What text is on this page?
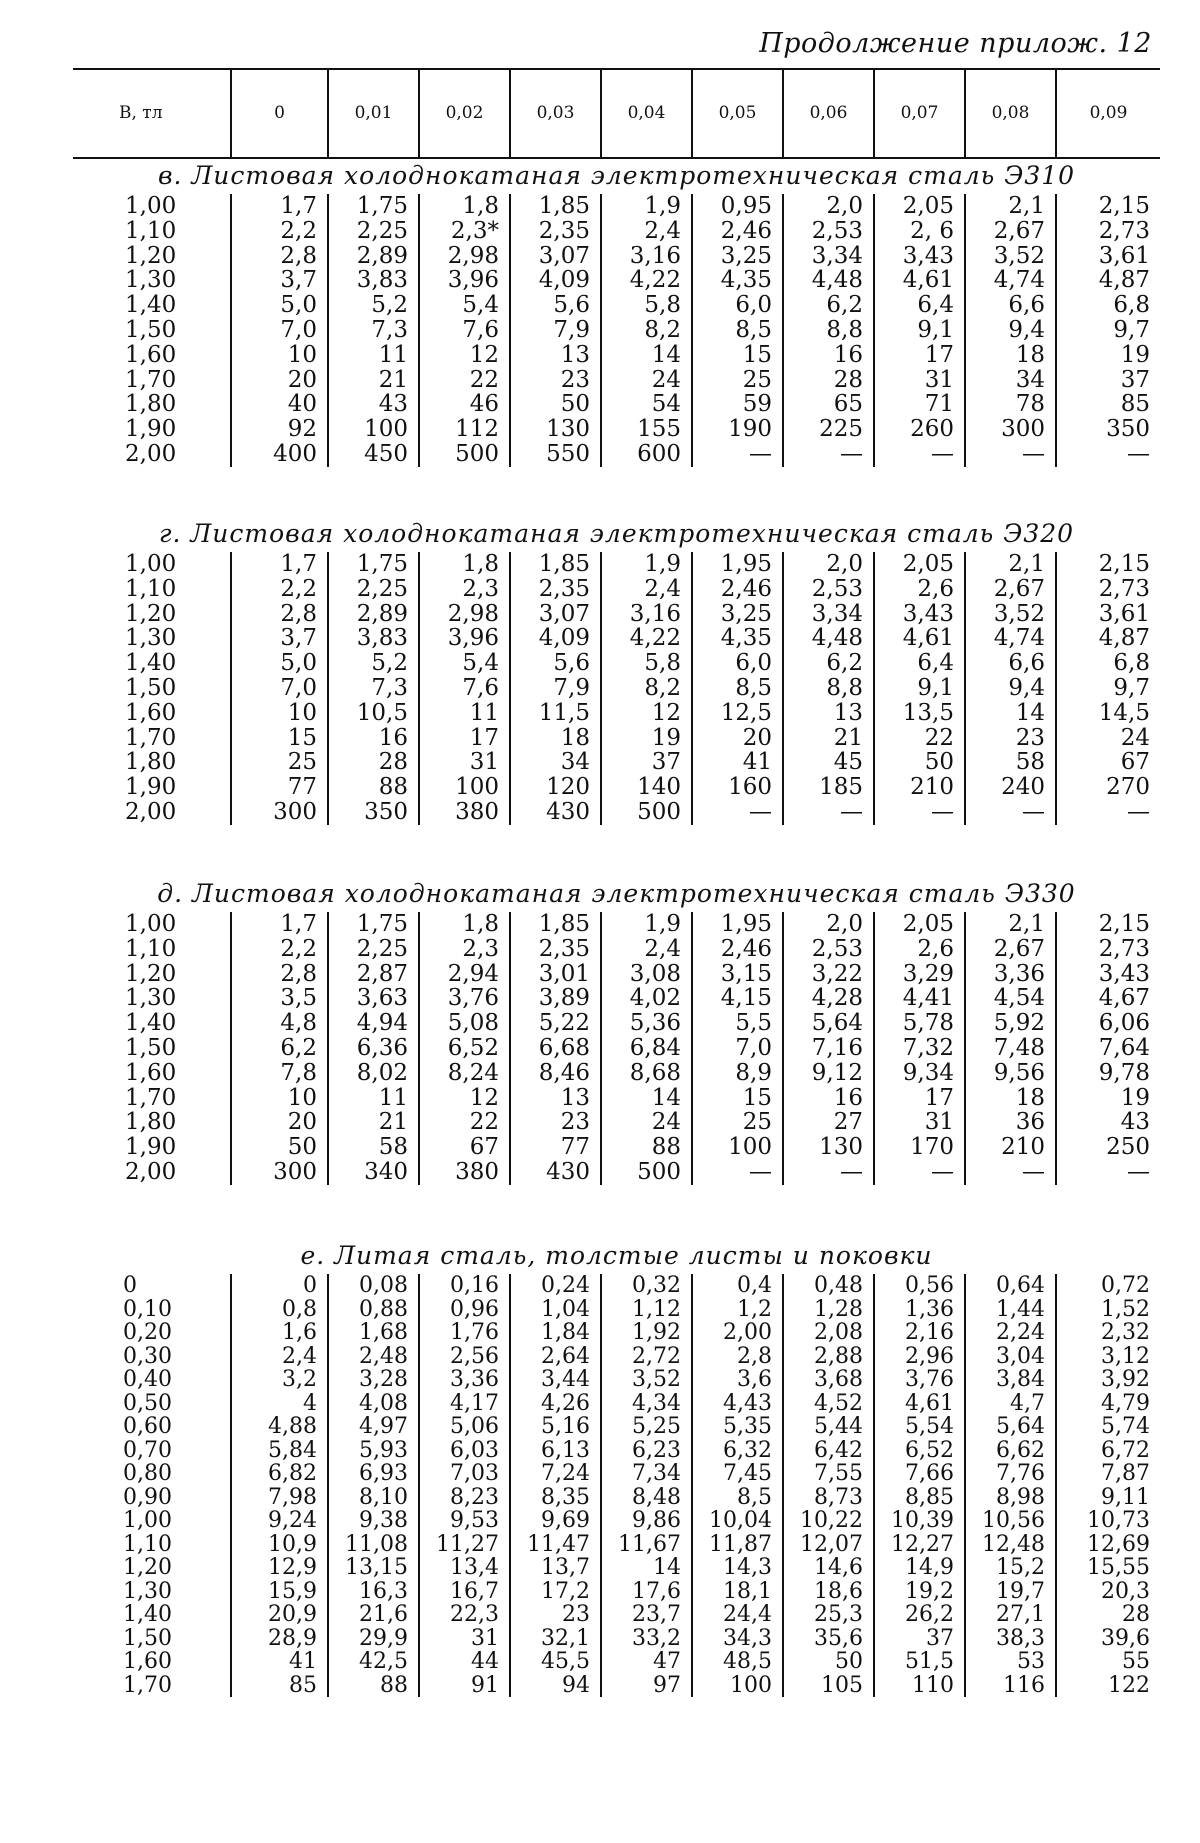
Продолжение прилож. 12
B, тл	0	0,01	0,02	0,03	0,04	0,05	0,06	0,07	0,08	0,09
в. Листовая холоднокатаная электротехническая сталь Э310
1,00	1,7	1,75	1,8	1,85	1,9	0,95	2,0	2,05	2,1	2,15
1,10	2,2	2,25	2,3*	2,35	2,4	2,46	2,53	2, 6	2,67	2,73
1,20	2,8	2,89	2,98	3,07	3,16	3,25	3,34	3,43	3,52	3,61
1,30	3,7	3,83	3,96	4,09	4,22	4,35	4,48	4,61	4,74	4,87
1,40	5,0	5,2	5,4	5,6	5,8	6,0	6,2	6,4	6,6	6,8
1,50	7,0	7,3	7,6	7,9	8,2	8,5	8,8	9,1	9,4	9,7
1,60	10	11	12	13	14	15	16	17	18	19
1,70	20	21	22	23	24	25	28	31	34	37
1,80	40	43	46	50	54	59	65	71	78	85
1,90	92	100	112	130	155	190	225	260	300	350
2,00	400	450	500	550	600	—	—	—	—	—
г. Листовая холоднокатаная электротехническая сталь Э320
1,00	1,7	1,75	1,8	1,85	1,9	1,95	2,0	2,05	2,1	2,15
1,10	2,2	2,25	2,3	2,35	2,4	2,46	2,53	2,6	2,67	2,73
1,20	2,8	2,89	2,98	3,07	3,16	3,25	3,34	3,43	3,52	3,61
1,30	3,7	3,83	3,96	4,09	4,22	4,35	4,48	4,61	4,74	4,87
1,40	5,0	5,2	5,4	5,6	5,8	6,0	6,2	6,4	6,6	6,8
1,50	7,0	7,3	7,6	7,9	8,2	8,5	8,8	9,1	9,4	9,7
1,60	10	10,5	11	11,5	12	12,5	13	13,5	14	14,5
1,70	15	16	17	18	19	20	21	22	23	24
1,80	25	28	31	34	37	41	45	50	58	67
1,90	77	88	100	120	140	160	185	210	240	270
2,00	300	350	380	430	500	—	—	—	—	—
д. Листовая холоднокатаная электротехническая сталь Э330
1,00	1,7	1,75	1,8	1,85	1,9	1,95	2,0	2,05	2,1	2,15
1,10	2,2	2,25	2,3	2,35	2,4	2,46	2,53	2,6	2,67	2,73
1,20	2,8	2,87	2,94	3,01	3,08	3,15	3,22	3,29	3,36	3,43
1,30	3,5	3,63	3,76	3,89	4,02	4,15	4,28	4,41	4,54	4,67
1,40	4,8	4,94	5,08	5,22	5,36	5,5	5,64	5,78	5,92	6,06
1,50	6,2	6,36	6,52	6,68	6,84	7,0	7,16	7,32	7,48	7,64
1,60	7,8	8,02	8,24	8,46	8,68	8,9	9,12	9,34	9,56	9,78
1,70	10	11	12	13	14	15	16	17	18	19
1,80	20	21	22	23	24	25	27	31	36	43
1,90	50	58	67	77	88	100	130	170	210	250
2,00	300	340	380	430	500	—	—	—	—	—
е. Литая сталь, толстые листы и поковки
0	0	0,08	0,16	0,24	0,32	0,4	0,48	0,56	0,64	0,72
0,10	0,8	0,88	0,96	1,04	1,12	1,2	1,28	1,36	1,44	1,52
0,20	1,6	1,68	1,76	1,84	1,92	2,00	2,08	2,16	2,24	2,32
0,30	2,4	2,48	2,56	2,64	2,72	2,8	2,88	2,96	3,04	3,12
0,40	3,2	3,28	3,36	3,44	3,52	3,6	3,68	3,76	3,84	3,92
0,50	4	4,08	4,17	4,26	4,34	4,43	4,52	4,61	4,7	4,79
0,60	4,88	4,97	5,06	5,16	5,25	5,35	5,44	5,54	5,64	5,74
0,70	5,84	5,93	6,03	6,13	6,23	6,32	6,42	6,52	6,62	6,72
0,80	6,82	6,93	7,03	7,24	7,34	7,45	7,55	7,66	7,76	7,87
0,90	7,98	8,10	8,23	8,35	8,48	8,5	8,73	8,85	8,98	9,11
1,00	9,24	9,38	9,53	9,69	9,86	10,04	10,22	10,39	10,56	10,73
1,10	10,9	11,08	11,27	11,47	11,67	11,87	12,07	12,27	12,48	12,69
1,20	12,9	13,15	13,4	13,7	14	14,3	14,6	14,9	15,2	15,55
1,30	15,9	16,3	16,7	17,2	17,6	18,1	18,6	19,2	19,7	20,3
1,40	20,9	21,6	22,3	23	23,7	24,4	25,3	26,2	27,1	28
1,50	28,9	29,9	31	32,1	33,2	34,3	35,6	37	38,3	39,6
1,60	41	42,5	44	45,5	47	48,5	50	51,5	53	55
1,70	85	88	91	94	97	100	105	110	116	122
